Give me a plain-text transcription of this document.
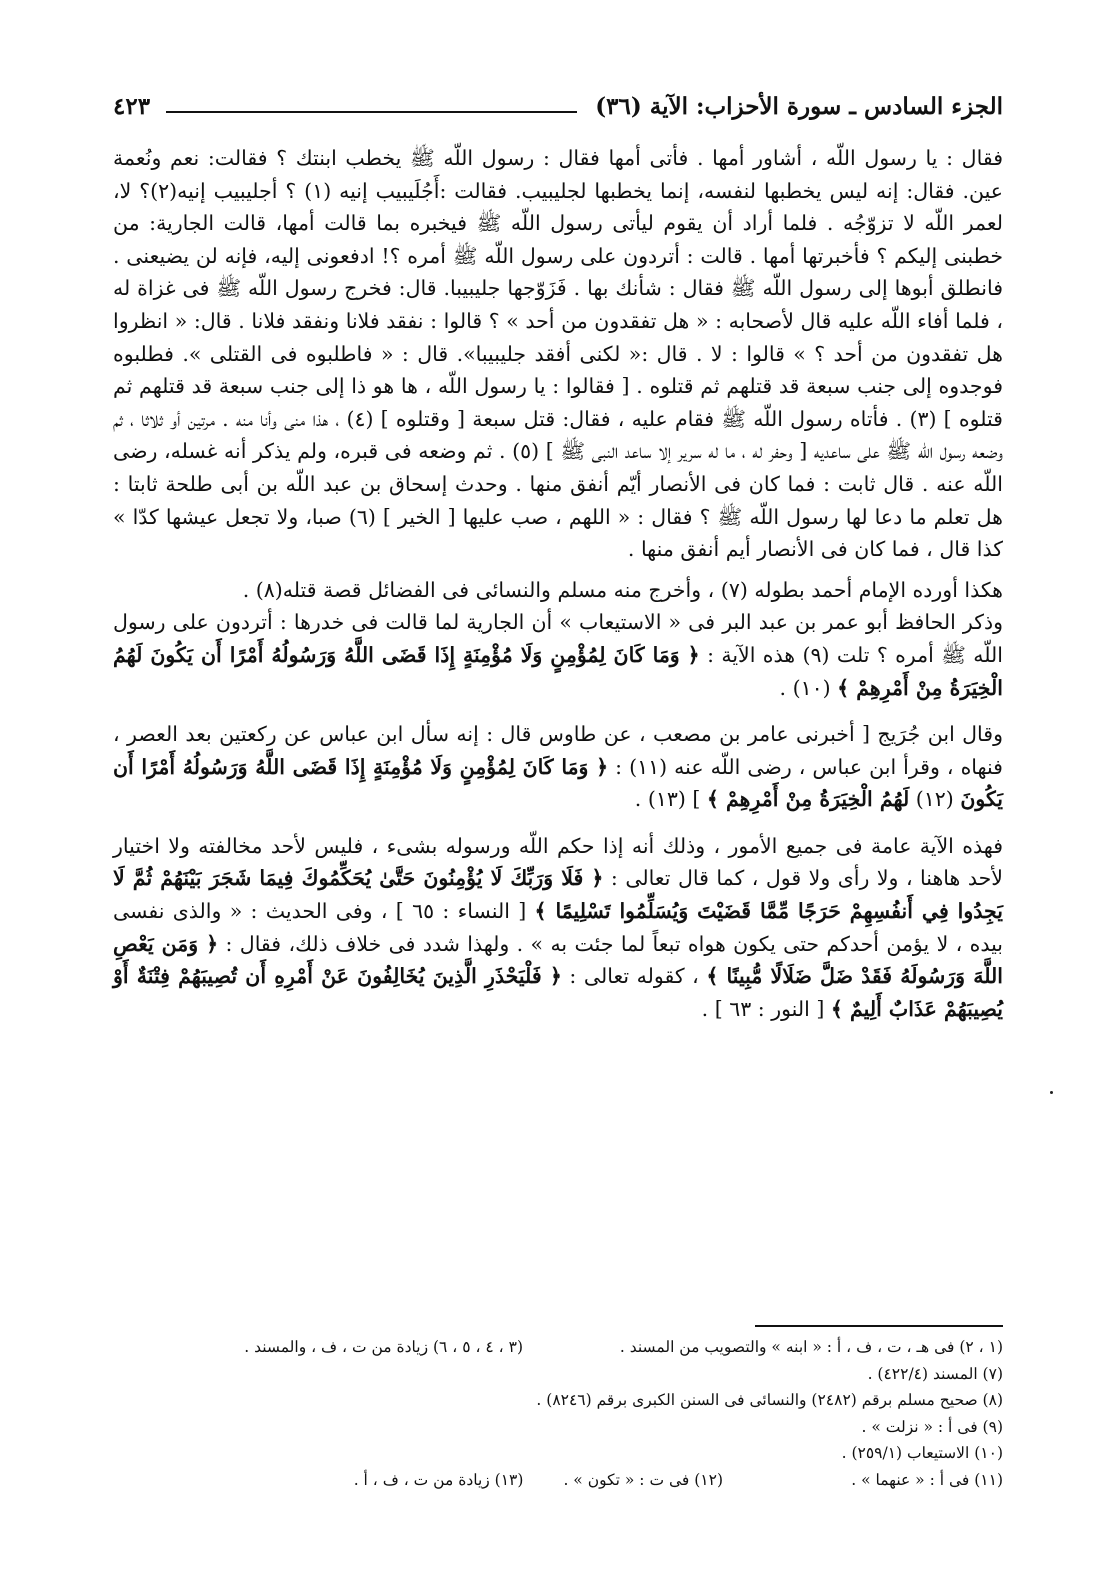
الجزء السادس ـ سورة الأحزاب: الآية (٣٦)
٤٢٣

فقال : يا رسول اللّه ، أشاور أمها . فأتى أمها فقال : رسول اللّه ﷺ يخطب ابنتك ؟ فقالت: نعم ونُعمة عين. فقال: إنه ليس يخطبها لنفسه، إنما يخطبها لجليبيب. فقالت :أَجُلَيبيب إنيه (١) ؟ أجليبيب إنيه(٢)؟ لا، لعمر اللّه لا تزوّجُه . فلما أراد أن يقوم ليأتى رسول اللّه ﷺ فيخبره بما قالت أمها، قالت الجارية: من خطبنى إليكم ؟ فأخبرتها أمها . قالت : أتردون على رسول اللّه ﷺ أمره ؟! ادفعونى إليه، فإنه لن يضيعنى . فانطلق أبوها إلى رسول اللّه ﷺ فقال : شأنك بها . فَزَوّجها جليبيبا. قال: فخرج رسول اللّه ﷺ فى غزاة له ، فلما أفاء اللّه عليه قال لأصحابه : « هل تفقدون من أحد » ؟ قالوا : نفقد فلانا ونفقد فلانا . قال: « انظروا هل تفقدون من أحد ؟ » قالوا : لا . قال :« لكنى أفقد جليبيبا». قال : « فاطلبوه فى القتلى ». فطلبوه فوجدوه إلى جنب سبعة قد قتلهم ثم قتلوه . [ فقالوا : يا رسول اللّه ، ها هو ذا إلى جنب سبعة قد قتلهم ثم قتلوه ] (٣) . فأتاه رسول اللّه ﷺ فقام عليه ، فقال: قتل سبعة [ وقتلوه ] (٤) ، هذا منى وأنا منه . مرتين أو ثلاثا ، ثم وضعه رسول اللّه ﷺ على ساعديه [ وحفر له ، ما له سرير إلا ساعد النبى ﷺ ] (٥) . ثم وضعه فى قبره، ولم يذكر أنه غسله، رضى اللّه عنه . قال ثابت : فما كان فى الأنصار أيّم أنفق منها . وحدث إسحاق بن عبد اللّه بن أبى طلحة ثابتا : هل تعلم ما دعا لها رسول اللّه ﷺ ؟ فقال : « اللهم ، صب عليها [ الخير ] (٦) صبا، ولا تجعل عيشها كدّا » كذا قال ، فما كان فى الأنصار أيم أنفق منها .

هكذا أورده الإمام أحمد بطوله (٧) ، وأخرج منه مسلم والنسائى فى الفضائل قصة قتله(٨) .

وذكر الحافظ أبو عمر بن عبد البر فى « الاستيعاب » أن الجارية لما قالت فى خدرها : أتردون على رسول اللّه ﷺ أمره ؟ تلت (٩) هذه الآية : ﴿ وَمَا كَانَ لِمُؤْمِنٍ وَلَا مُؤْمِنَةٍ إِذَا قَضَى اللَّهُ وَرَسُولُهُ أَمْرًا أَن يَكُونَ لَهُمُ الْخِيَرَةُ مِنْ أَمْرِهِمْ ﴾ (١٠) .

وقال ابن جُرَيج [ أخبرنى عامر بن مصعب ، عن طاوس قال : إنه سأل ابن عباس عن ركعتين بعد العصر ، فنهاه ، وقرأ ابن عباس ، رضى اللّه عنه (١١) : ﴿ وَمَا كَانَ لِمُؤْمِنٍ وَلَا مُؤْمِنَةٍ إِذَا قَضَى اللَّهُ وَرَسُولُهُ أَمْرًا أَن يَكُونَ (١٢) لَهُمُ الْخِيَرَةُ مِنْ أَمْرِهِمْ ﴾ ] (١٣) .

فهذه الآية عامة فى جميع الأمور ، وذلك أنه إذا حكم اللّه ورسوله بشىء ، فليس لأحد مخالفته ولا اختيار لأحد هاهنا ، ولا رأى ولا قول ، كما قال تعالى : ﴿ فَلَا وَرَبِّكَ لَا يُؤْمِنُونَ حَتَّىٰ يُحَكِّمُوكَ فِيمَا شَجَرَ بَيْنَهُمْ ثُمَّ لَا يَجِدُوا فِي أَنفُسِهِمْ حَرَجًا مِّمَّا قَضَيْتَ وَيُسَلِّمُوا تَسْلِيمًا ﴾ [ النساء : ٦٥ ] ، وفى الحديث : « والذى نفسى بيده ، لا يؤمن أحدكم حتى يكون هواه تبعاً لما جئت به » . ولهذا شدد فى خلاف ذلك، فقال : ﴿ وَمَن يَعْصِ اللَّهَ وَرَسُولَهُ فَقَدْ ضَلَّ ضَلَالًا مُّبِينًا ﴾ ، كقوله تعالى : ﴿ فَلْيَحْذَرِ الَّذِينَ يُخَالِفُونَ عَنْ أَمْرِهِ أَن تُصِيبَهُمْ فِتْنَةٌ أَوْ يُصِيبَهُمْ عَذَابٌ أَلِيمٌ ﴾ [ النور : ٦٣ ] .

(١ ، ٢) فى هـ ، ت ، ف ، أ : « ابنه » والتصويب من المسند .
(٣ ، ٤ ، ٥ ، ٦) زيادة من ت ، ف ، والمسند .
(٧) المسند (٤٢٢/٤) .
(٨) صحيح مسلم برقم (٢٤٨٢) والنسائى فى السنن الكبرى برقم (٨٢٤٦) .
(٩) فى أ : « نزلت » .
(١٠) الاستيعاب (٢٥٩/١) .
(١١) فى أ : « عنهما » .
(١٢) فى ت : « تكون » .
(١٣) زيادة من ت ، ف ، أ .
